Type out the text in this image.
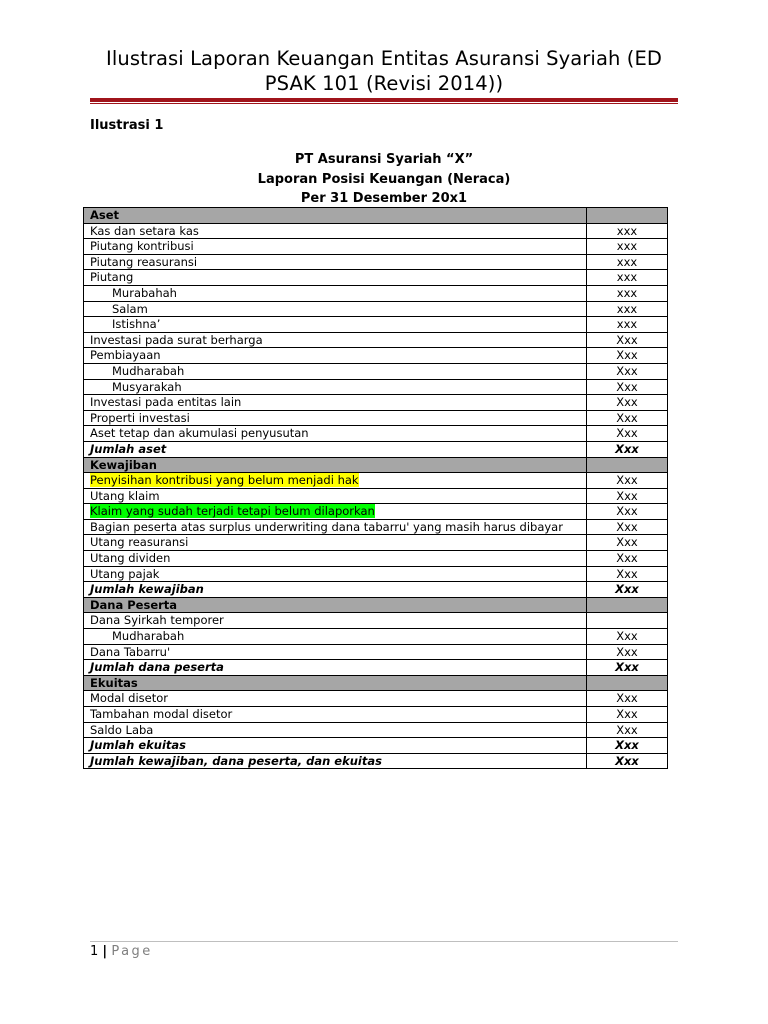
Ilustrasi Laporan Keuangan Entitas Asuransi Syariah (ED
PSAK 101 (Revisi 2014))
Ilustrasi 1
PT Asuransi Syariah “X”
Laporan Posisi Keuangan (Neraca)
Per 31 Desember 20x1
Aset	
Kas dan setara kas	xxx
Piutang kontribusi	xxx
Piutang reasuransi	xxx
Piutang	xxx
Murabahah	xxx
Salam	xxx
Istishna’	xxx
Investasi pada surat berharga	Xxx
Pembiayaan	Xxx
Mudharabah	Xxx
Musyarakah	Xxx
Investasi pada entitas lain	Xxx
Properti investasi	Xxx
Aset tetap dan akumulasi penyusutan	Xxx
Jumlah aset	Xxx
Kewajiban	
Penyisihan kontribusi yang belum menjadi hak	Xxx
Utang klaim	Xxx
Klaim yang sudah terjadi tetapi belum dilaporkan	Xxx
Bagian peserta atas surplus underwriting dana tabarru' yang masih harus dibayar	Xxx
Utang reasuransi	Xxx
Utang dividen	Xxx
Utang pajak	Xxx
Jumlah kewajiban	Xxx
Dana Peserta	
Dana Syirkah temporer	
Mudharabah	Xxx
Dana Tabarru'	Xxx
Jumlah dana peserta	Xxx
Ekuitas	
Modal disetor	Xxx
Tambahan modal disetor	Xxx
Saldo Laba	Xxx
Jumlah ekuitas	Xxx
Jumlah kewajiban, dana peserta, dan ekuitas	Xxx
1 | Page
